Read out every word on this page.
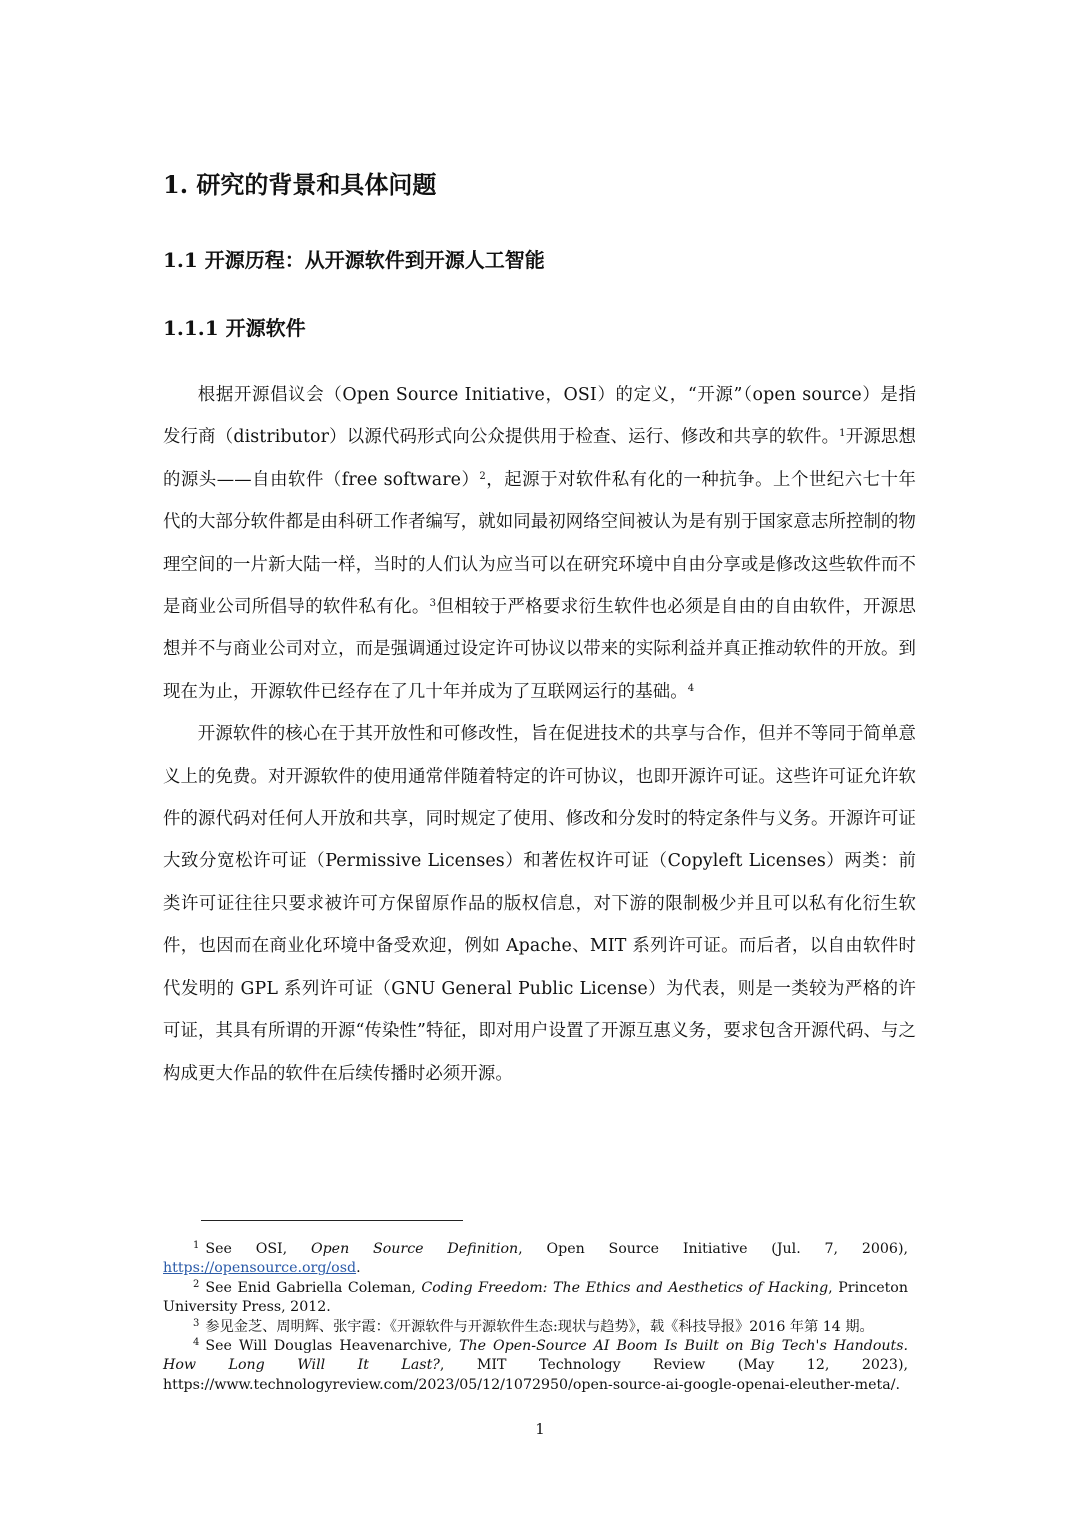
1. 研究的背景和具体问题
1.1 开源历程：从开源软件到开源人工智能
1.1.1 开源软件

根据开源倡议会（Open Source Initiative，OSI）的定义，“开源”（open source）是指发行商（distributor）以源代码形式向公众提供用于检查、运行、修改和共享的软件。$^1$开源思想的源头——自由软件（free software）$^2$，起源于对软件私有化的一种抗争。上个世纪六七十年代的大部分软件都是由科研工作者编写，就如同最初网络空间被认为是有别于国家意志所控制的物理空间的一片新大陆一样，当时的人们认为应当可以在研究环境中自由分享或是修改这些软件而不是商业公司所倡导的软件私有化。$^3$但相较于严格要求衍生软件也必须是自由的自由软件，开源思想并不与商业公司对立，而是强调通过设定许可协议以带来的实际利益并真正推动软件的开放。到现在为止，开源软件已经存在了几十年并成为了互联网运行的基础。$^4$

开源软件的核心在于其开放性和可修改性，旨在促进技术的共享与合作，但并不等同于简单意义上的免费。对开源软件的使用通常伴随着特定的许可协议，也即开源许可证。这些许可证允许软件的源代码对任何人开放和共享，同时规定了使用、修改和分发时的特定条件与义务。开源许可证大致分宽松许可证（Permissive Licenses）和著佐权许可证（Copyleft Licenses）两类：前类许可证往往只要求被许可方保留原作品的版权信息，对下游的限制极少并且可以私有化衍生软件，也因而在商业化环境中备受欢迎，例如 Apache、MIT 系列许可证。而后者，以自由软件时代发明的 GPL 系列许可证（GNU General Public License）为代表，则是一类较为严格的许可证，其具有所谓的开源“传染性”特征，即对用户设置了开源互惠义务，要求包含开源代码、与之构成更大作品的软件在后续传播时必须开源。

$^1$ See OSI, Open Source Definition, Open Source Initiative (Jul. 7, 2006), https://opensource.org/osd.

$^2$ See Enid Gabriella Coleman, Coding Freedom: The Ethics and Aesthetics of Hacking, Princeton University Press, 2012.

$^3$ 参见金芝、周明辉、张宇霞：《开源软件与开源软件生态:现状与趋势》，载《科技导报》2016 年第 14 期。

$^4$ See Will Douglas Heavenarchive, The Open-Source AI Boom Is Built on Big Tech's Handouts. How Long Will It Last?, MIT Technology Review (May 12, 2023), https://www.technologyreview.com/2023/05/12/1072950/open-source-ai-google-openai-eleuther-meta/.

1
